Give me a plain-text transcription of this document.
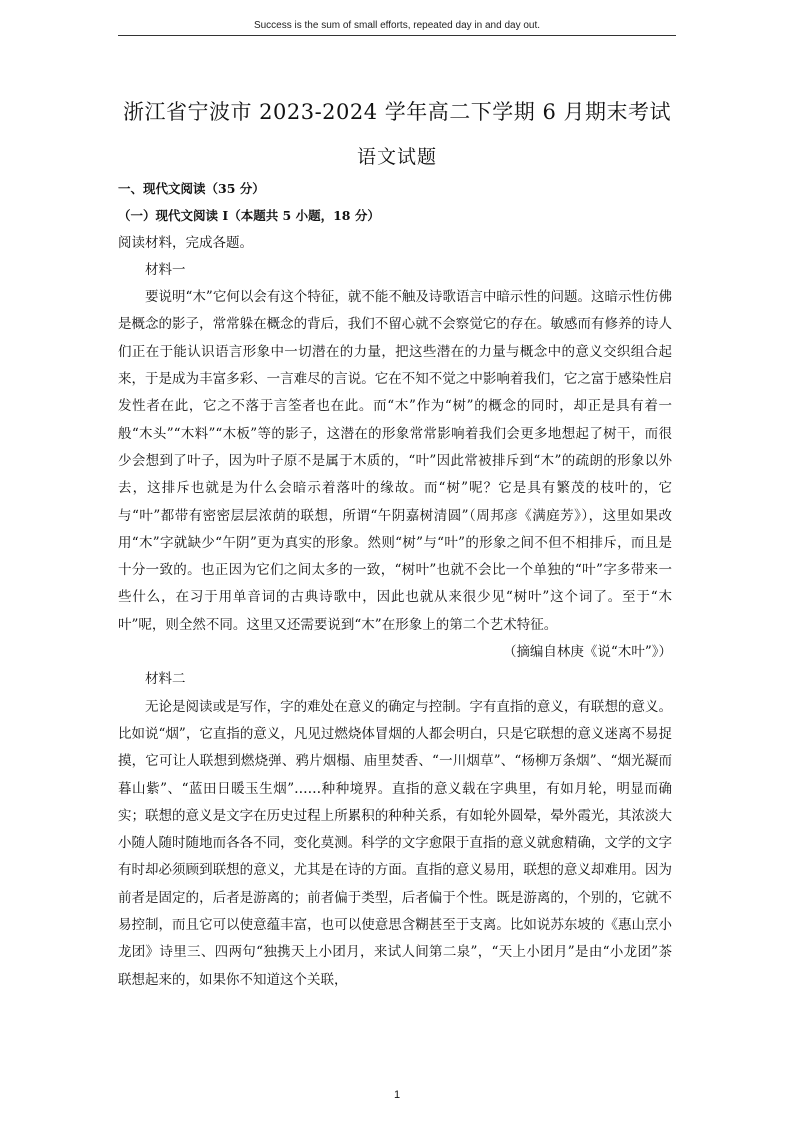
Success is the sum of small efforts, repeated day in and day out.
浙江省宁波市 2023-2024 学年高二下学期 6 月期末考试
语文试题

一、现代文阅读（35 分）

（一）现代文阅读 I（本题共 5 小题，18 分）

阅读材料，完成各题。

材料一

要说明“木”它何以会有这个特征，就不能不触及诗歌语言中暗示性的问题。这暗示性仿佛是概念的影子，常常躲在概念的背后，我们不留心就不会察觉它的存在。敏感而有修养的诗人们正在于能认识语言形象中一切潜在的力量，把这些潜在的力量与概念中的意义交织组合起来，于是成为丰富多彩、一言难尽的言说。它在不知不觉之中影响着我们，它之富于感染性启发性者在此，它之不落于言筌者也在此。而“木”作为“树”的概念的同时，却正是具有着一般“木头”“木料”“木板”等的影子，这潜在的形象常常影响着我们会更多地想起了树干，而很少会想到了叶子，因为叶子原不是属于木质的，“叶”因此常被排斥到“木”的疏朗的形象以外去，这排斥也就是为什么会暗示着落叶的缘故。而“树”呢？它是具有繁茂的枝叶的，它与“叶”都带有密密层层浓荫的联想，所谓“午阴嘉树清圆”（周邦彦《满庭芳》），这里如果改用“木”字就缺少“午阴”更为真实的形象。然则“树”与“叶”的形象之间不但不相排斥，而且是十分一致的。也正因为它们之间太多的一致，“树叶”也就不会比一个单独的“叶”字多带来一些什么，在习于用单音词的古典诗歌中，因此也就从来很少见“树叶”这个词了。至于“木叶”呢，则全然不同。这里又还需要说到“木”在形象上的第二个艺术特征。

（摘编自林庚《说“木叶”》）

材料二

无论是阅读或是写作，字的难处在意义的确定与控制。字有直指的意义，有联想的意义。比如说“烟”，它直指的意义，凡见过燃烧体冒烟的人都会明白，只是它联想的意义迷离不易捉摸，它可让人联想到燃烧弹、鸦片烟榻、庙里焚香、“一川烟草”、“杨柳万条烟”、“烟光凝而暮山紫”、“蓝田日暖玉生烟”……种种境界。直指的意义载在字典里，有如月轮，明显而确实；联想的意义是文字在历史过程上所累积的种种关系，有如轮外圆晕，晕外霞光，其浓淡大小随人随时随地而各各不同，变化莫测。科学的文字愈限于直指的意义就愈精确，文学的文字有时却必须顾到联想的意义，尤其是在诗的方面。直指的意义易用，联想的意义却难用。因为前者是固定的，后者是游离的；前者偏于类型，后者偏于个性。既是游离的，个别的，它就不易控制，而且它可以使意蕴丰富，也可以使意思含糊甚至于支离。比如说苏东坡的《惠山烹小龙团》诗里三、四两句“独携天上小团月，来试人间第二泉”，“天上小团月”是由“小龙团”茶联想起来的，如果你不知道这个关联，

1
